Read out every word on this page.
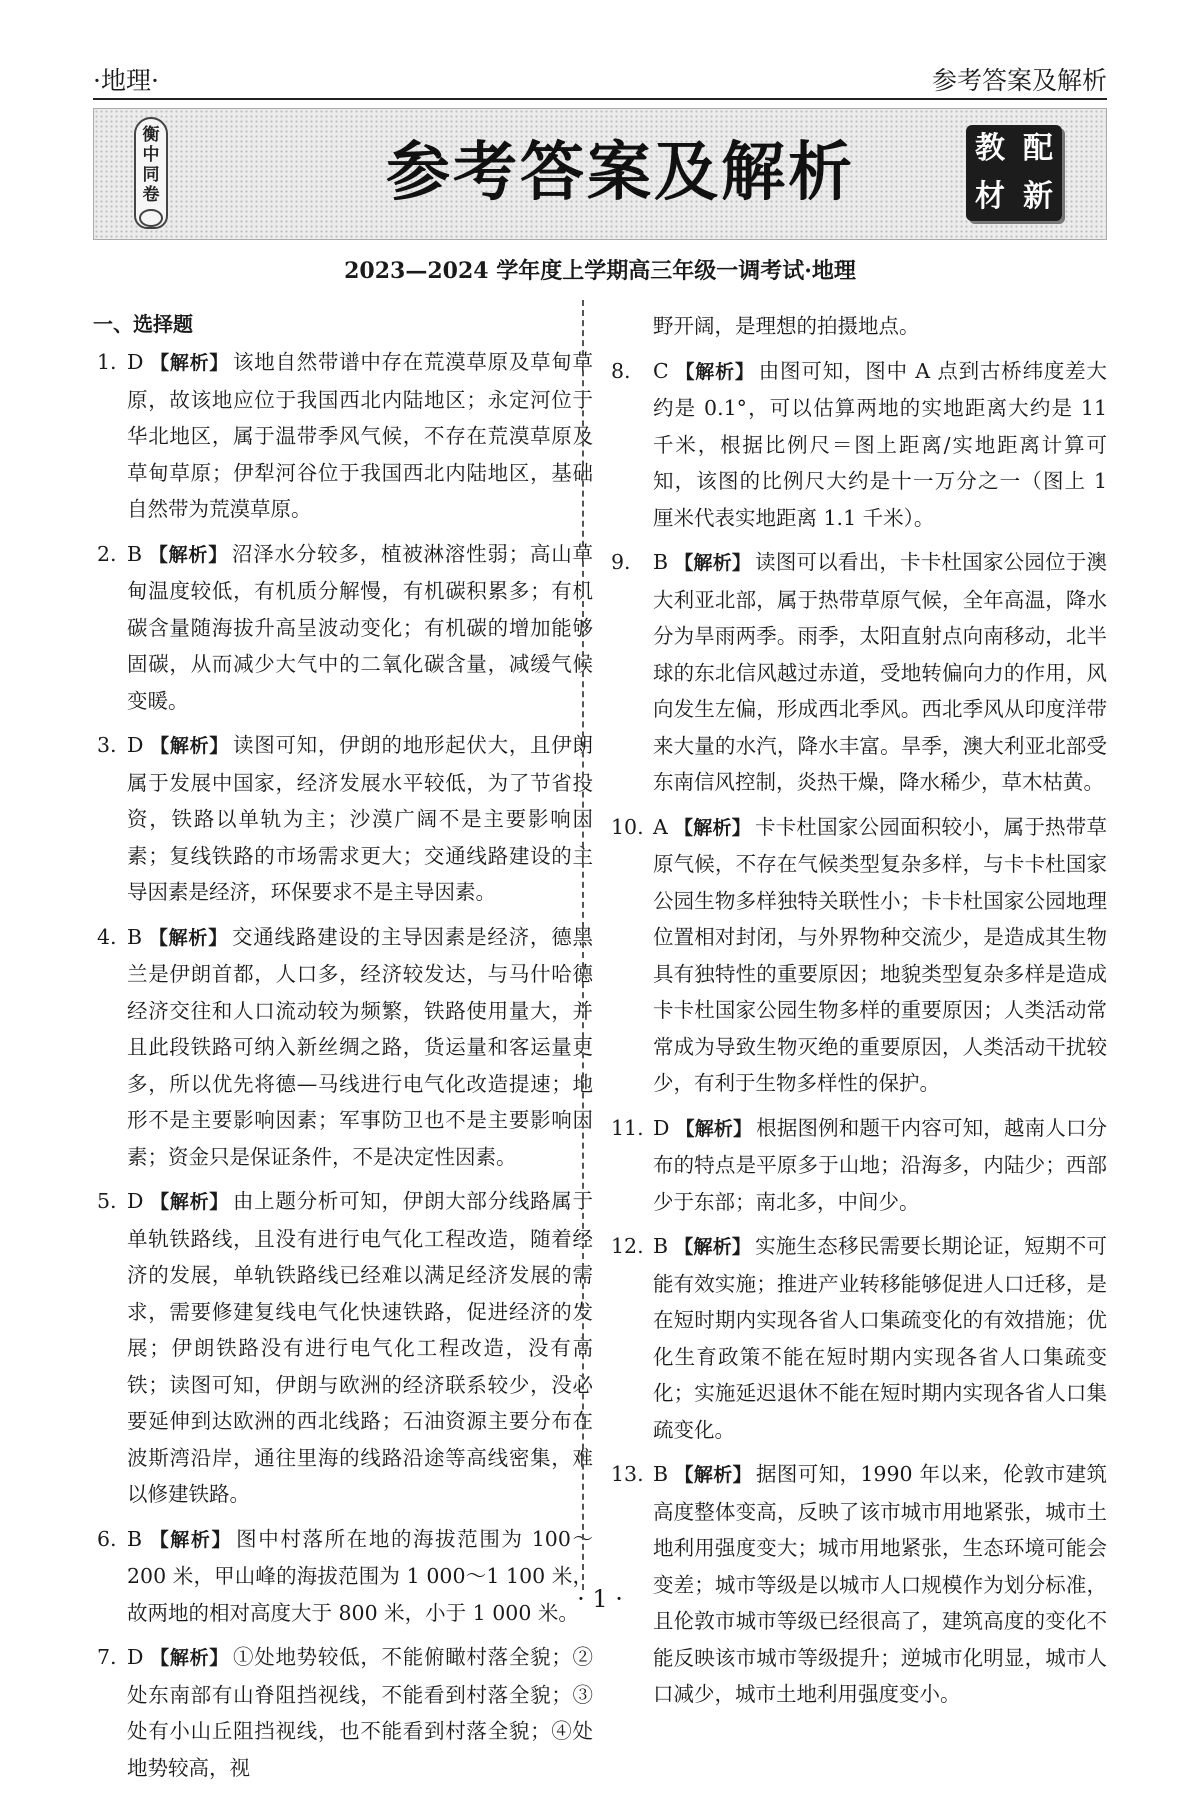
·地理·	参考答案及解析
衡
中
同
卷	参考答案及解析	教 配
材 新
2023—2024 学年度上学期高三年级一调考试·地理
一、选择题
1. D 【解析】 该地自然带谱中存在荒漠草原及草甸草原，故该地应位于我国西北内陆地区；永定河位于华北地区，属于温带季风气候，不存在荒漠草原及草甸草原；伊犁河谷位于我国西北内陆地区，基础自然带为荒漠草原。
2. B 【解析】 沼泽水分较多，植被淋溶性弱；高山草甸温度较低，有机质分解慢，有机碳积累多；有机碳含量随海拔升高呈波动变化；有机碳的增加能够固碳，从而减少大气中的二氧化碳含量，减缓气候变暖。
3. D 【解析】 读图可知，伊朗的地形起伏大，且伊朗属于发展中国家，经济发展水平较低，为了节省投资，铁路以单轨为主；沙漠广阔不是主要影响因素；复线铁路的市场需求更大；交通线路建设的主导因素是经济，环保要求不是主导因素。
4. B 【解析】 交通线路建设的主导因素是经济，德黑兰是伊朗首都，人口多，经济较发达，与马什哈德经济交往和人口流动较为频繁，铁路使用量大，并且此段铁路可纳入新丝绸之路，货运量和客运量更多，所以优先将德—马线进行电气化改造提速；地形不是主要影响因素；军事防卫也不是主要影响因素；资金只是保证条件，不是决定性因素。
5. D 【解析】 由上题分析可知，伊朗大部分线路属于单轨铁路线，且没有进行电气化工程改造，随着经济的发展，单轨铁路线已经难以满足经济发展的需求，需要修建复线电气化快速铁路，促进经济的发展；伊朗铁路没有进行电气化工程改造，没有高铁；读图可知，伊朗与欧洲的经济联系较少，没必要延伸到达欧洲的西北线路；石油资源主要分布在波斯湾沿岸，通往里海的线路沿途等高线密集，难以修建铁路。
6. B 【解析】 图中村落所在地的海拔范围为 100～200 米，甲山峰的海拔范围为 1 000～1 100 米，故两地的相对高度大于 800 米，小于 1 000 米。
7. D 【解析】 ①处地势较低，不能俯瞰村落全貌；②处东南部有山脊阻挡视线，不能看到村落全貌；③处有小山丘阻挡视线，也不能看到村落全貌；④处地势较高，视
野开阔，是理想的拍摄地点。
8. C 【解析】 由图可知，图中 A 点到古桥纬度差大约是 0.1°，可以估算两地的实地距离大约是 11 千米，根据比例尺＝图上距离/实地距离计算可知，该图的比例尺大约是十一万分之一（图上 1 厘米代表实地距离 1.1 千米）。
9. B 【解析】 读图可以看出，卡卡杜国家公园位于澳大利亚北部，属于热带草原气候，全年高温，降水分为旱雨两季。雨季，太阳直射点向南移动，北半球的东北信风越过赤道，受地转偏向力的作用，风向发生左偏，形成西北季风。西北季风从印度洋带来大量的水汽，降水丰富。旱季，澳大利亚北部受东南信风控制，炎热干燥，降水稀少，草木枯黄。
10. A 【解析】 卡卡杜国家公园面积较小，属于热带草原气候，不存在气候类型复杂多样，与卡卡杜国家公园生物多样独特关联性小；卡卡杜国家公园地理位置相对封闭，与外界物种交流少，是造成其生物具有独特性的重要原因；地貌类型复杂多样是造成卡卡杜国家公园生物多样的重要原因；人类活动常常成为导致生物灭绝的重要原因，人类活动干扰较少，有利于生物多样性的保护。
11. D 【解析】 根据图例和题干内容可知，越南人口分布的特点是平原多于山地；沿海多，内陆少；西部少于东部；南北多，中间少。
12. B 【解析】 实施生态移民需要长期论证，短期不可能有效实施；推进产业转移能够促进人口迁移，是在短时期内实现各省人口集疏变化的有效措施；优化生育政策不能在短时期内实现各省人口集疏变化；实施延迟退休不能在短时期内实现各省人口集疏变化。
13. B 【解析】 据图可知，1990 年以来，伦敦市建筑高度整体变高，反映了该市城市用地紧张，城市土地利用强度变大；城市用地紧张，生态环境可能会变差；城市等级是以城市人口规模作为划分标准，且伦敦市城市等级已经很高了，建筑高度的变化不能反映该市城市等级提升；逆城市化明显，城市人口减少，城市土地利用强度变小。
· 1 ·
